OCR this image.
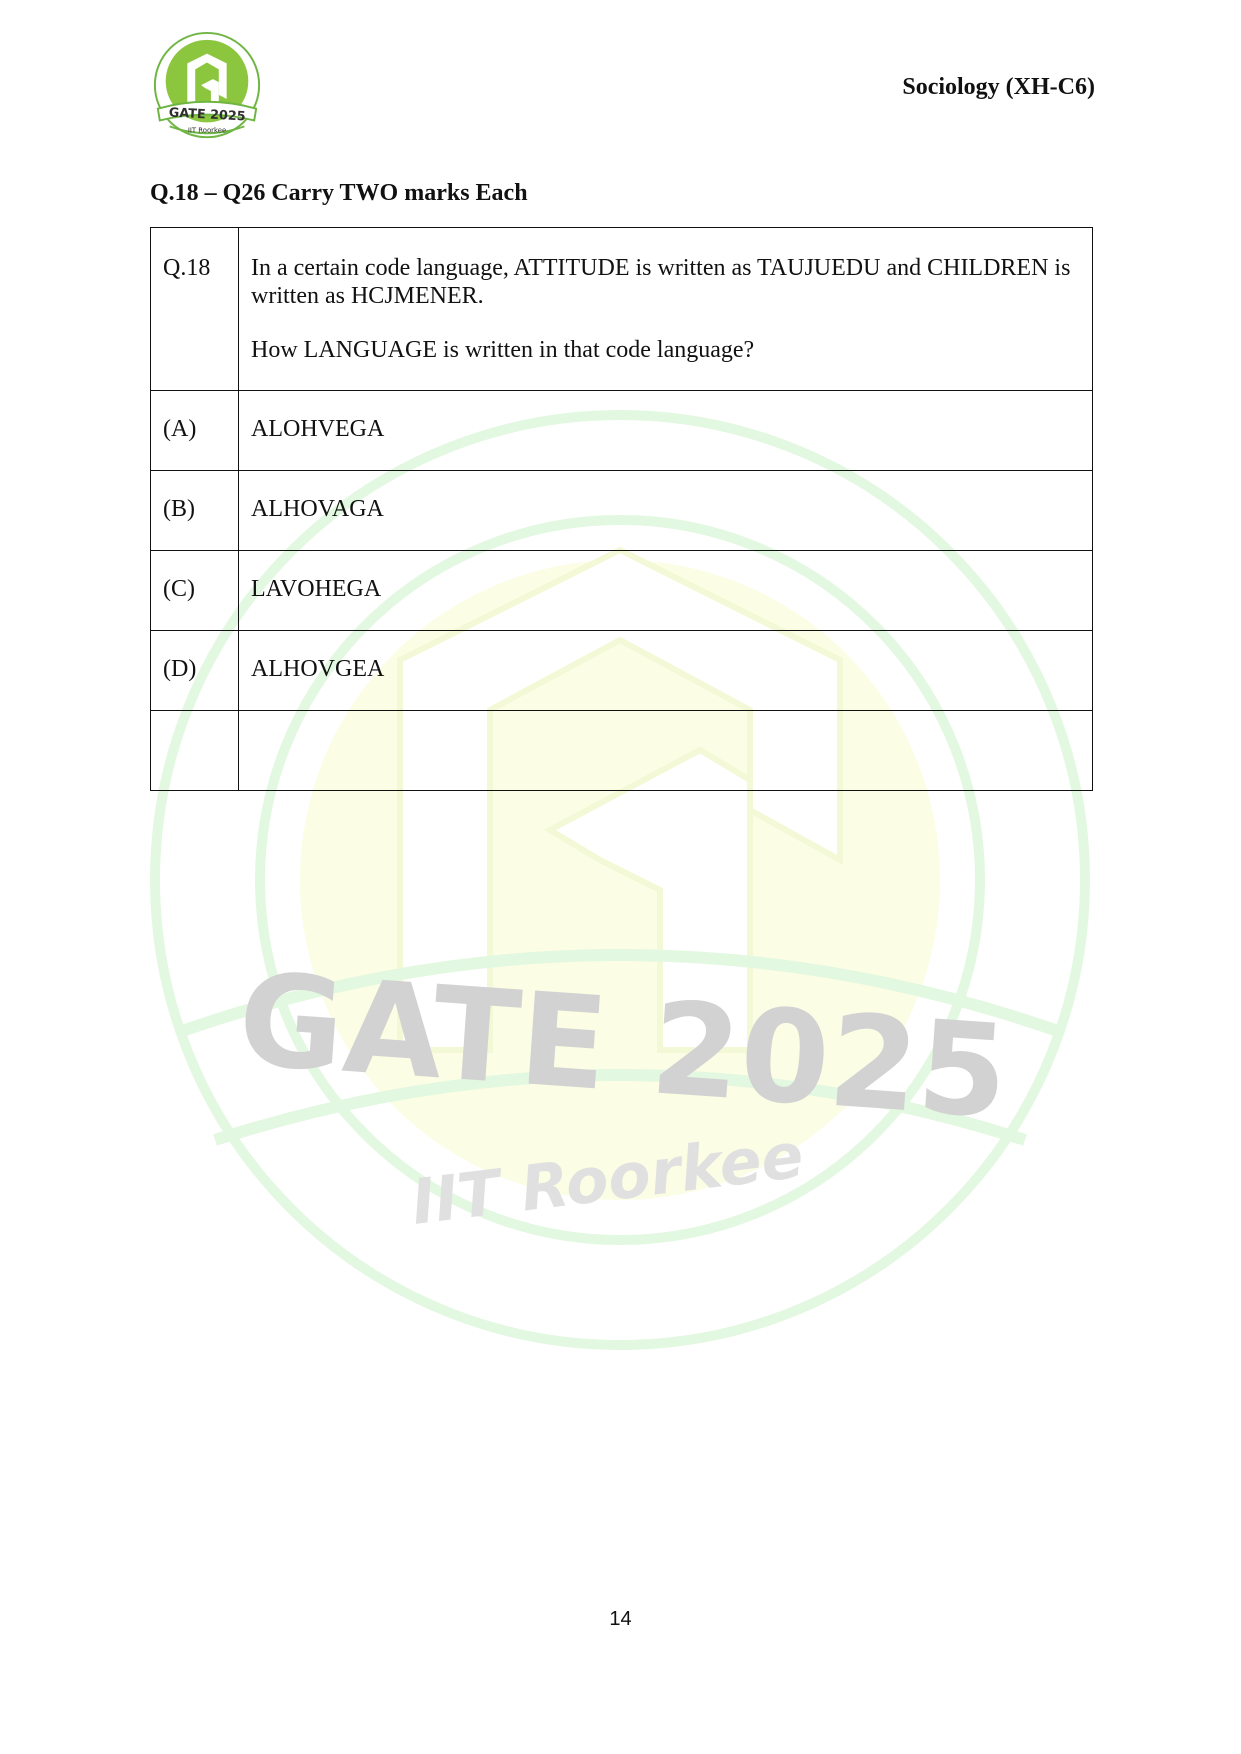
GATE 2025
IIT Roorkee
GATE 2025
IIT Roorkee
Sociology (XH-C6)
Q.18 – Q26 Carry TWO marks Each
Q.18	In a certain code language, ATTITUDE is written as TAUJUEDU and CHILDREN is written as HCJMENER.
How LANGUAGE is written in that code language?

(A)	ALOHVEGA

(B)	ALHOVAGA

(C)	LAVOHEGA

(D)	ALHOVGEA

14
